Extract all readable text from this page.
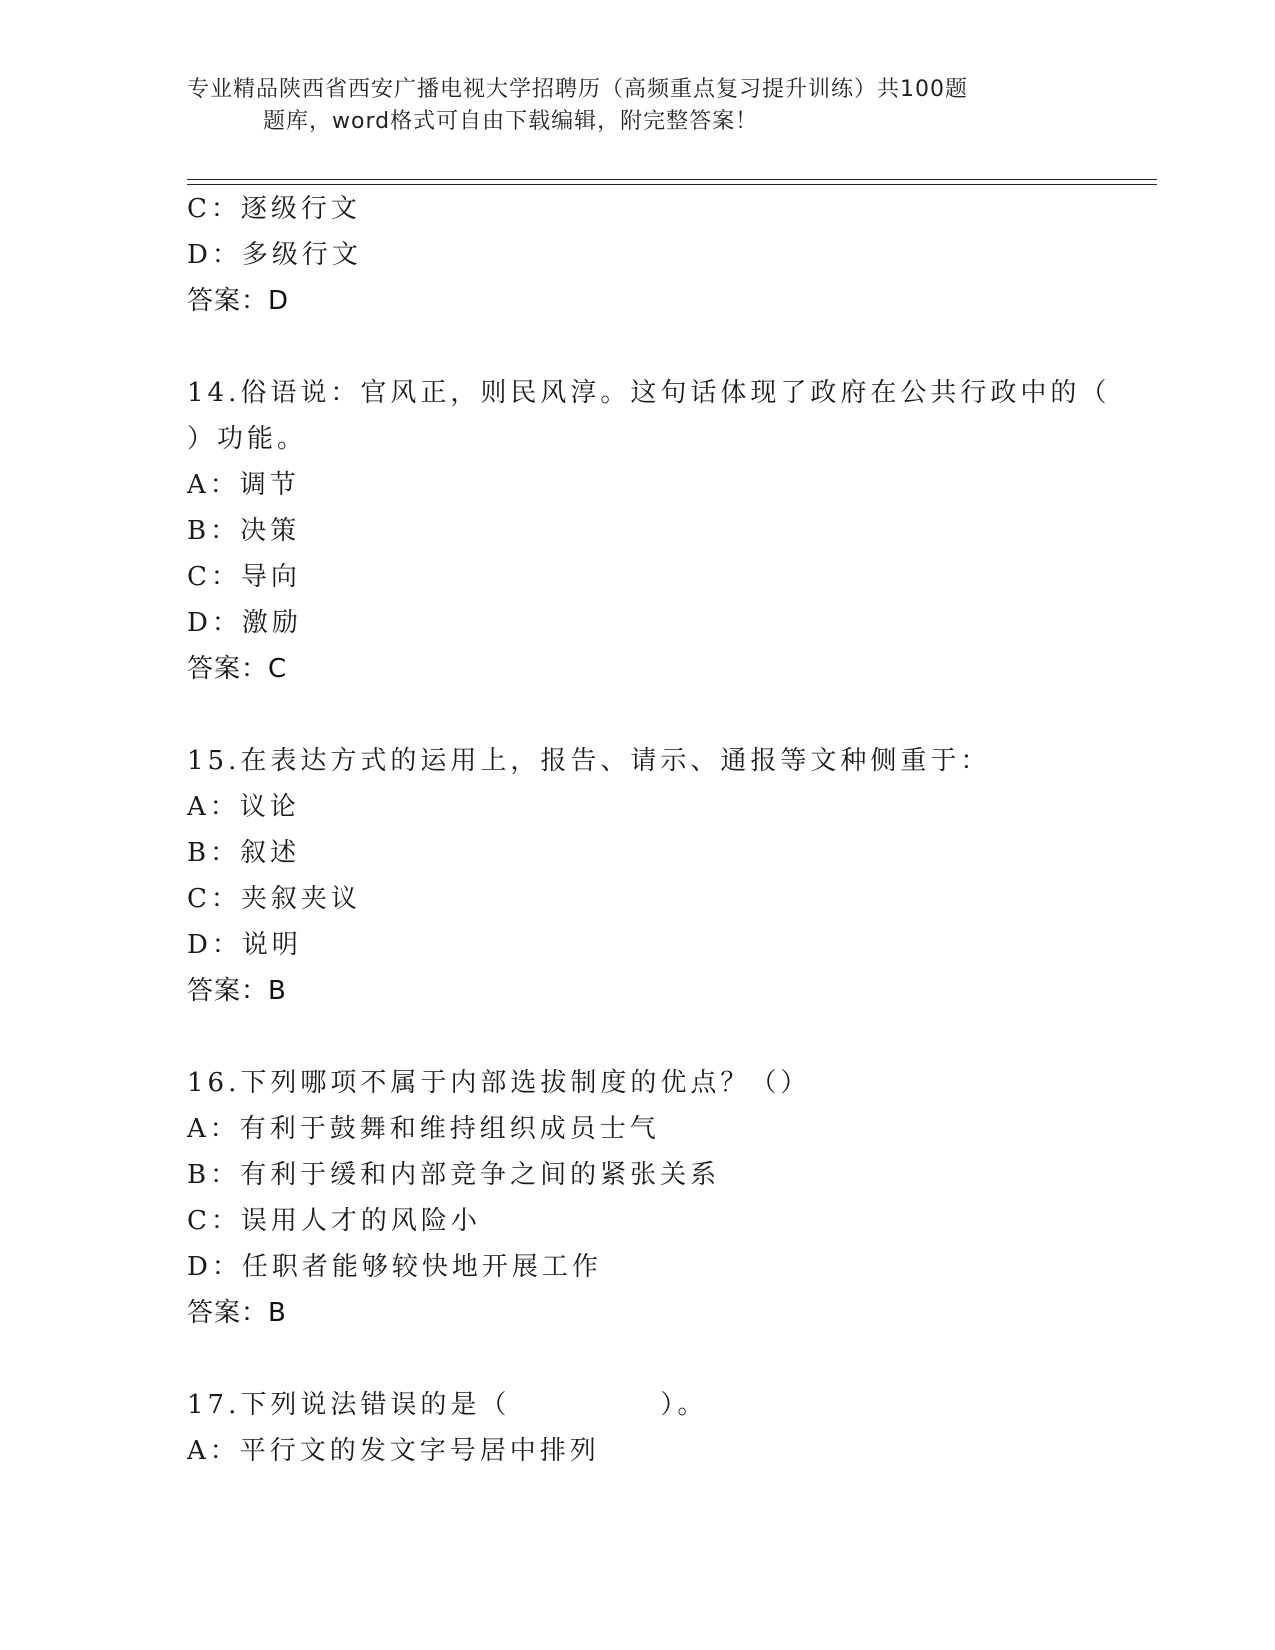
专业精品陕西省西安广播电视大学招聘历（高频重点复习提升训练）共100题
题库，word格式可自由下载编辑，附完整答案！
C：逐级行文
D：多级行文
答案：D
14.俗语说：官风正，则民风淳。这句话体现了政府在公共行政中的（
）功能。
A：调节
B：决策
C：导向
D：激励
答案：C
15.在表达方式的运用上，报告、请示、通报等文种侧重于：
A：议论
B：叙述
C：夹叙夹议
D：说明
答案：B
16.下列哪项不属于内部选拔制度的优点？（）
A：有利于鼓舞和维持组织成员士气
B：有利于缓和内部竞争之间的紧张关系
C：误用人才的风险小
D：任职者能够较快地开展工作
答案：B
17.下列说法错误的是（　　　　　）。
A：平行文的发文字号居中排列
